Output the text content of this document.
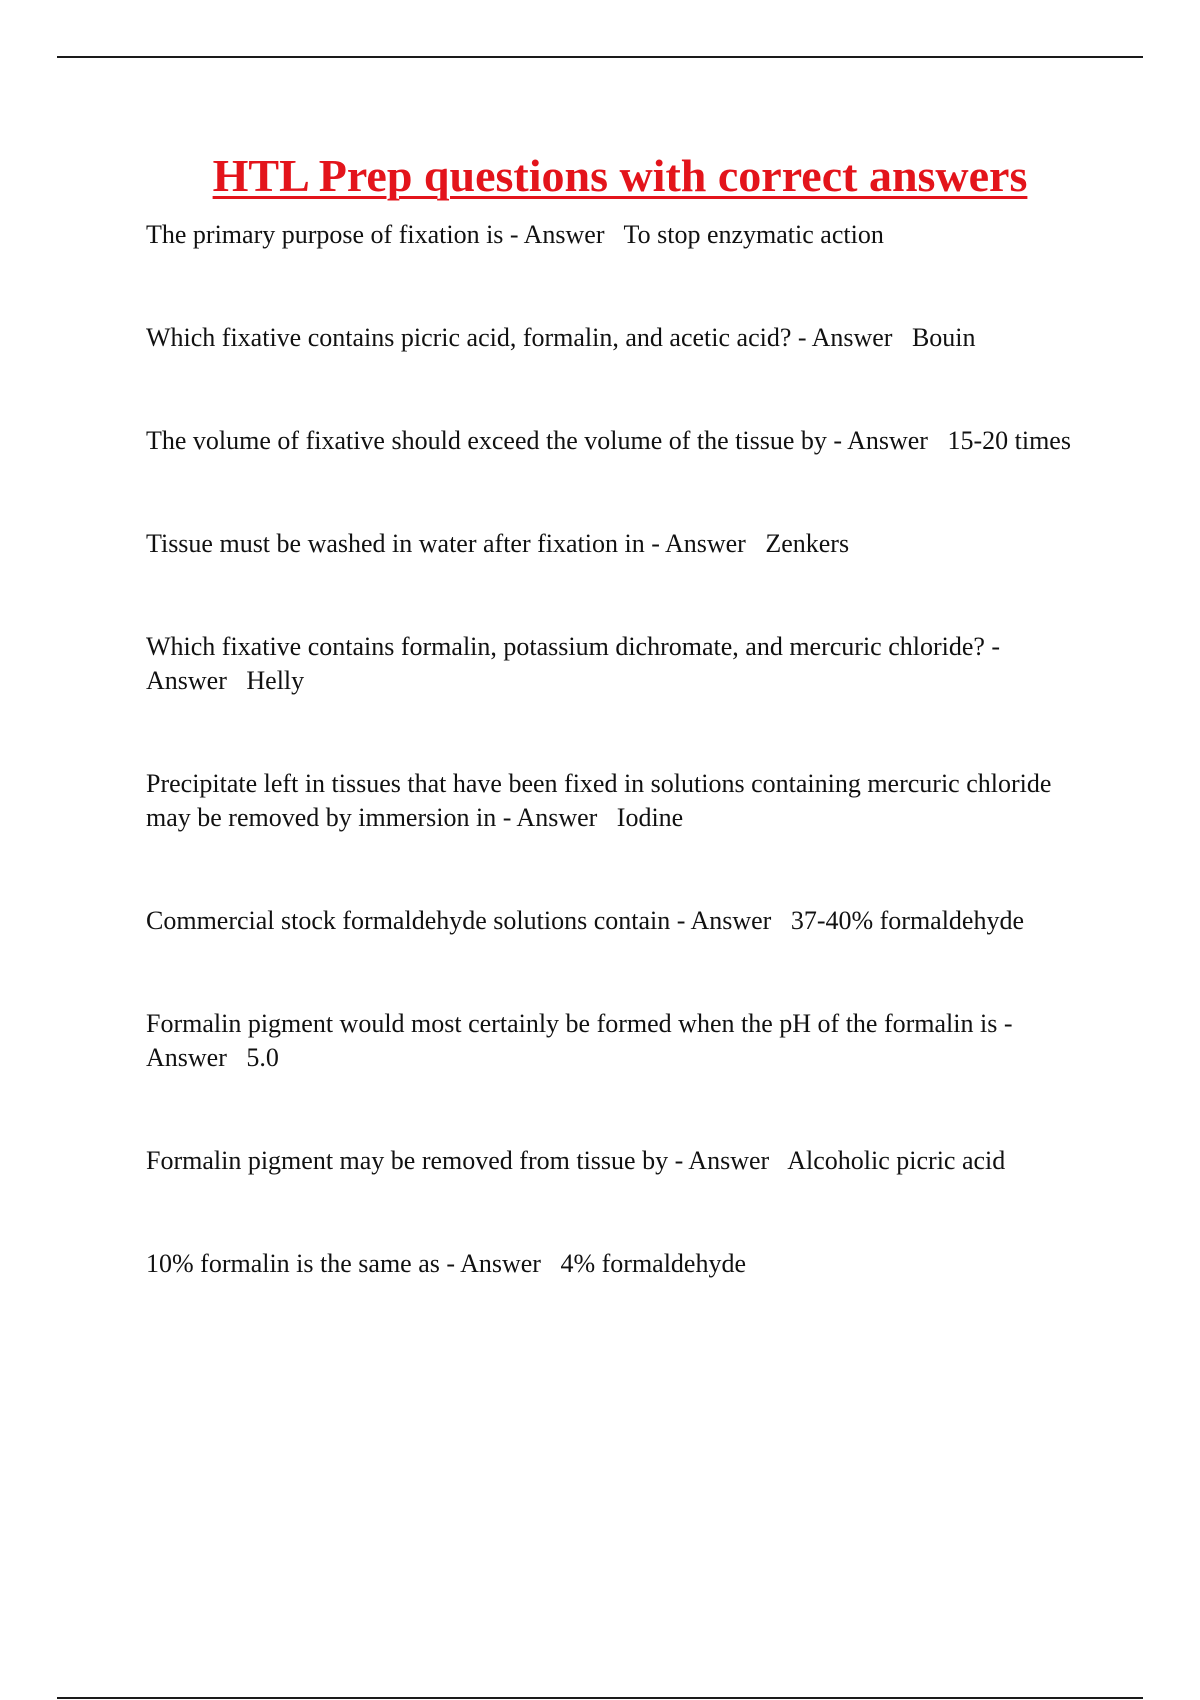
HTL Prep questions with correct answers
The primary purpose of fixation is - Answer To stop enzymatic action
Which fixative contains picric acid, formalin, and acetic acid? - Answer Bouin
The volume of fixative should exceed the volume of the tissue by - Answer 15-20 times
Tissue must be washed in water after fixation in - Answer Zenkers
Which fixative contains formalin, potassium dichromate, and mercuric chloride? - Answer Helly
Precipitate left in tissues that have been fixed in solutions containing mercuric chloride may be removed by immersion in - Answer Iodine
Commercial stock formaldehyde solutions contain - Answer 37-40% formaldehyde
Formalin pigment would most certainly be formed when the pH of the formalin is - Answer 5.0
Formalin pigment may be removed from tissue by - Answer Alcoholic picric acid
10% formalin is the same as - Answer 4% formaldehyde
